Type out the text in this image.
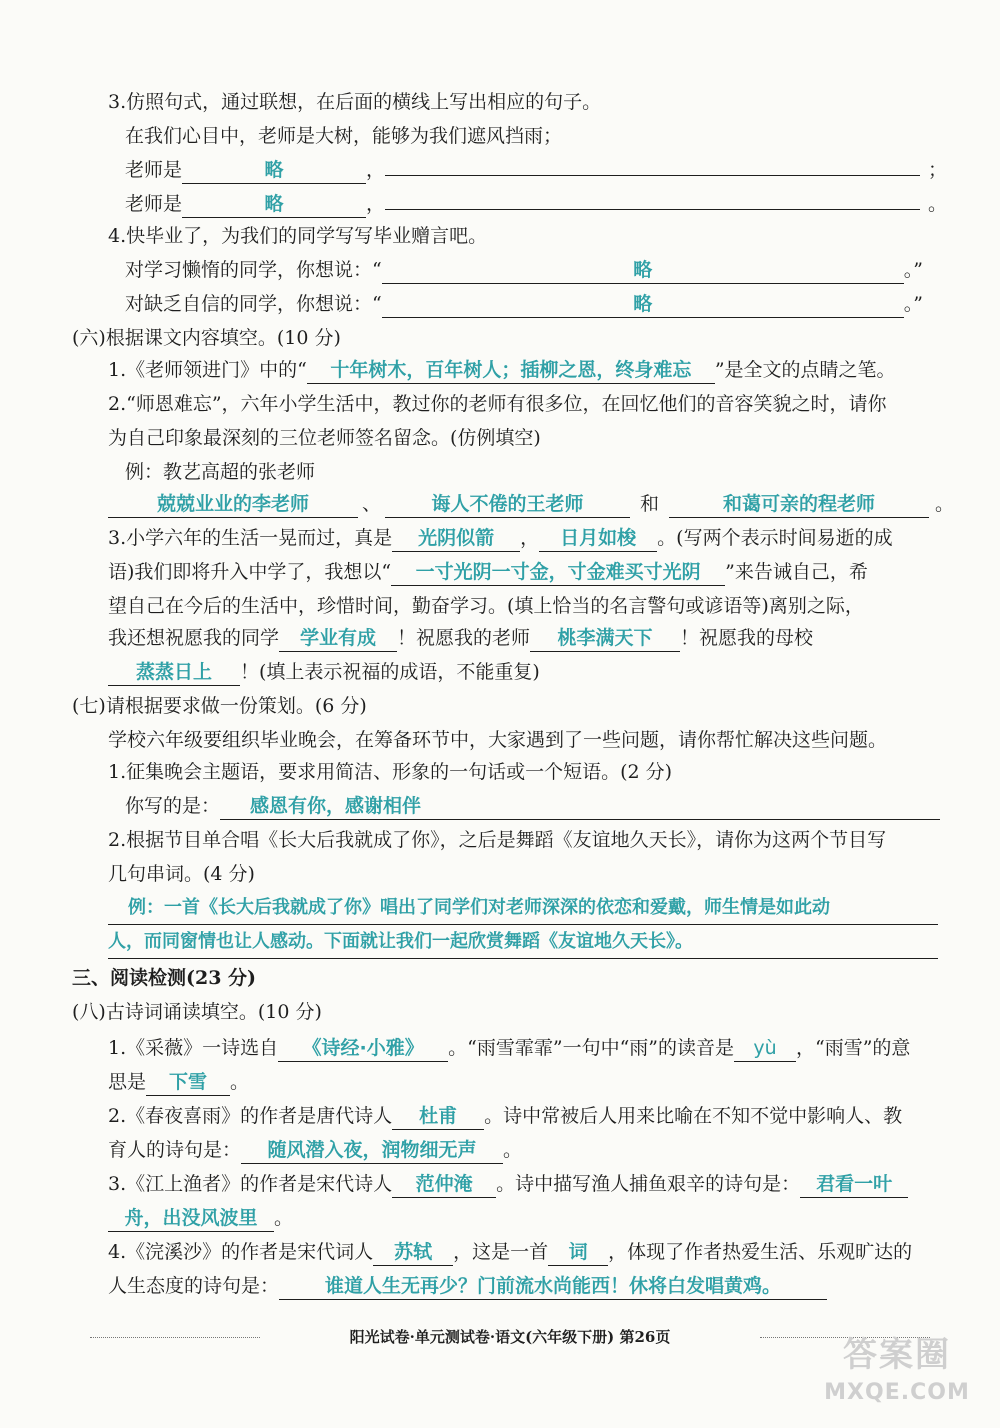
3.仿照句式，通过联想，在后面的横线上写出相应的句子。
在我们心目中，老师是大树，能够为我们遮风挡雨；
老师是	略	，	；
老师是	略	，	。
4.快毕业了，为我们的同学写写毕业赠言吧。
对学习懒惰的同学，你想说：“	略	。”
对缺乏自信的同学，你想说：“	略	。”
(六)根据课文内容填空。(10 分)
1.《老师领进门》中的“ 十年树木，百年树人；插柳之恩，终身难忘 ”是全文的点睛之笔。
2.“师恩难忘”，六年小学生活中，教过你的老师有很多位，在回忆他们的音容笑貌之时，请你
为自己印象最深刻的三位老师签名留念。(仿例填空)
例：教艺高超的张老师
兢兢业业的李老师	、	诲人不倦的王老师	和	和蔼可亲的程老师	。
3.小学六年的生活一晃而过，真是 光阴似箭 ， 日月如梭 。(写两个表示时间易逝的成
语)我们即将升入中学了，我想以“ 一寸光阴一寸金，寸金难买寸光阴 ”来告诫自己，希
望自己在今后的生活中，珍惜时间，勤奋学习。(填上恰当的名言警句或谚语等)离别之际，
我还想祝愿我的同学 学业有成 ！祝愿我的老师 桃李满天下 ！祝愿我的母校
蒸蒸日上 ！(填上表示祝福的成语，不能重复)
(七)请根据要求做一份策划。(6 分)
学校六年级要组织毕业晚会，在筹备环节中，大家遇到了一些问题，请你帮忙解决这些问题。
1.征集晚会主题语，要求用简洁、形象的一句话或一个短语。(2 分)
你写的是： 感恩有你，感谢相伴
2.根据节目单合唱《长大后我就成了你》，之后是舞蹈《友谊地久天长》，请你为这两个节目写
几句串词。(4 分)
例：一首《长大后我就成了你》唱出了同学们对老师深深的依恋和爱戴，师生情是如此动
人，而同窗情也让人感动。下面就让我们一起欣赏舞蹈《友谊地久天长》。
三、阅读检测(23 分)
(八)古诗词诵读填空。(10 分)
1.《采薇》一诗选自 《诗经·小雅》 。“雨雪霏霏”一句中“雨”的读音是 yù ，“雨雪”的意
思是 下雪 。
2.《春夜喜雨》的作者是唐代诗人 杜甫 。诗中常被后人用来比喻在不知不觉中影响人、教
育人的诗句是： 随风潜入夜，润物细无声 。
3.《江上渔者》的作者是宋代诗人 范仲淹 。诗中描写渔人捕鱼艰辛的诗句是： 君看一叶
舟，出没风波里 。
4.《浣溪沙》的作者是宋代词人 苏轼 ，这是一首 词 ，体现了作者热爱生活、乐观旷达的
人生态度的诗句是： 谁道人生无再少？门前流水尚能西！休将白发唱黄鸡。
阳光试卷·单元测试卷·语文(六年级下册) 第26页	答案圈
MXQE.COM
